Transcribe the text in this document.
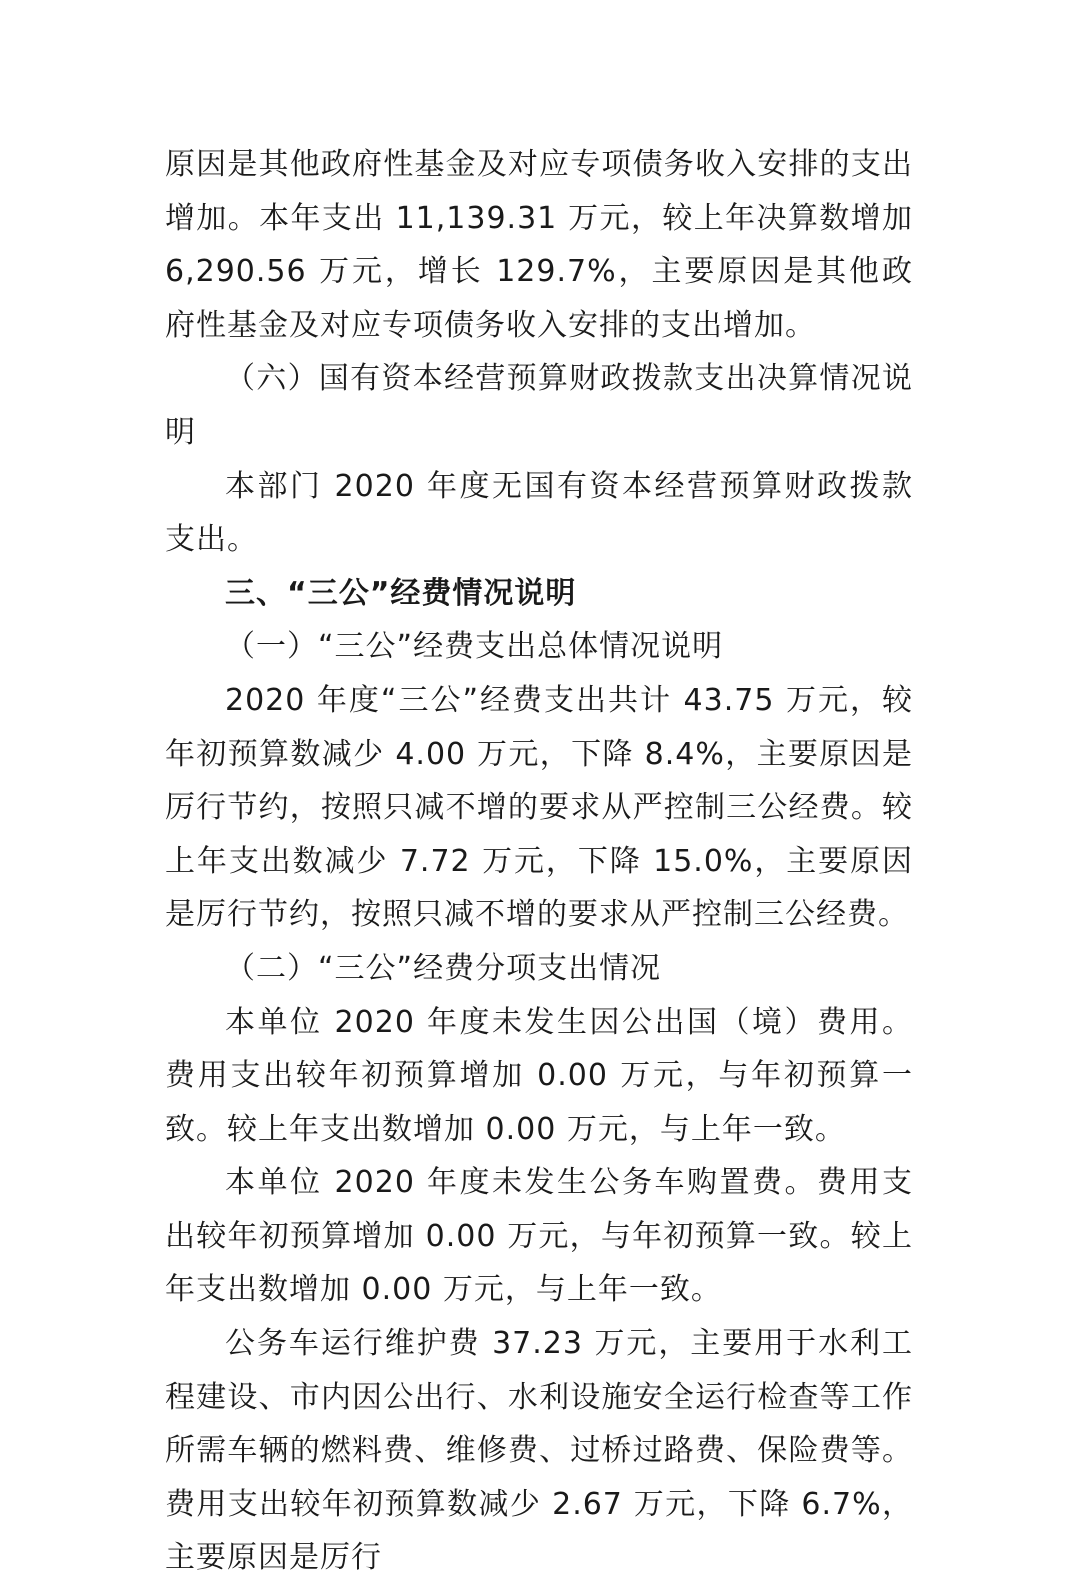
原因是其他政府性基金及对应专项债务收入安排的支出增加。本年支出 11,139.31 万元，较上年决算数增加 6,290.56 万元，增长 129.7%，主要原因是其他政府性基金及对应专项债务收入安排的支出增加。

（六）国有资本经营预算财政拨款支出决算情况说明

本部门 2020 年度无国有资本经营预算财政拨款支出。

三、“三公”经费情况说明

（一）“三公”经费支出总体情况说明

2020 年度“三公”经费支出共计 43.75 万元，较年初预算数减少 4.00 万元，下降 8.4%，主要原因是厉行节约，按照只减不增的要求从严控制三公经费。较上年支出数减少 7.72 万元，下降 15.0%，主要原因是厉行节约，按照只减不增的要求从严控制三公经费。

（二）“三公”经费分项支出情况

本单位 2020 年度未发生因公出国（境）费用。费用支出较年初预算增加 0.00 万元，与年初预算一致。较上年支出数增加 0.00 万元，与上年一致。

本单位 2020 年度未发生公务车购置费。费用支出较年初预算增加 0.00 万元，与年初预算一致。较上年支出数增加 0.00 万元，与上年一致。

公务车运行维护费 37.23 万元，主要用于水利工程建设、市内因公出行、水利设施安全运行检查等工作所需车辆的燃料费、维修费、过桥过路费、保险费等。费用支出较年初预算数减少 2.67 万元，下降 6.7%，主要原因是厉行
